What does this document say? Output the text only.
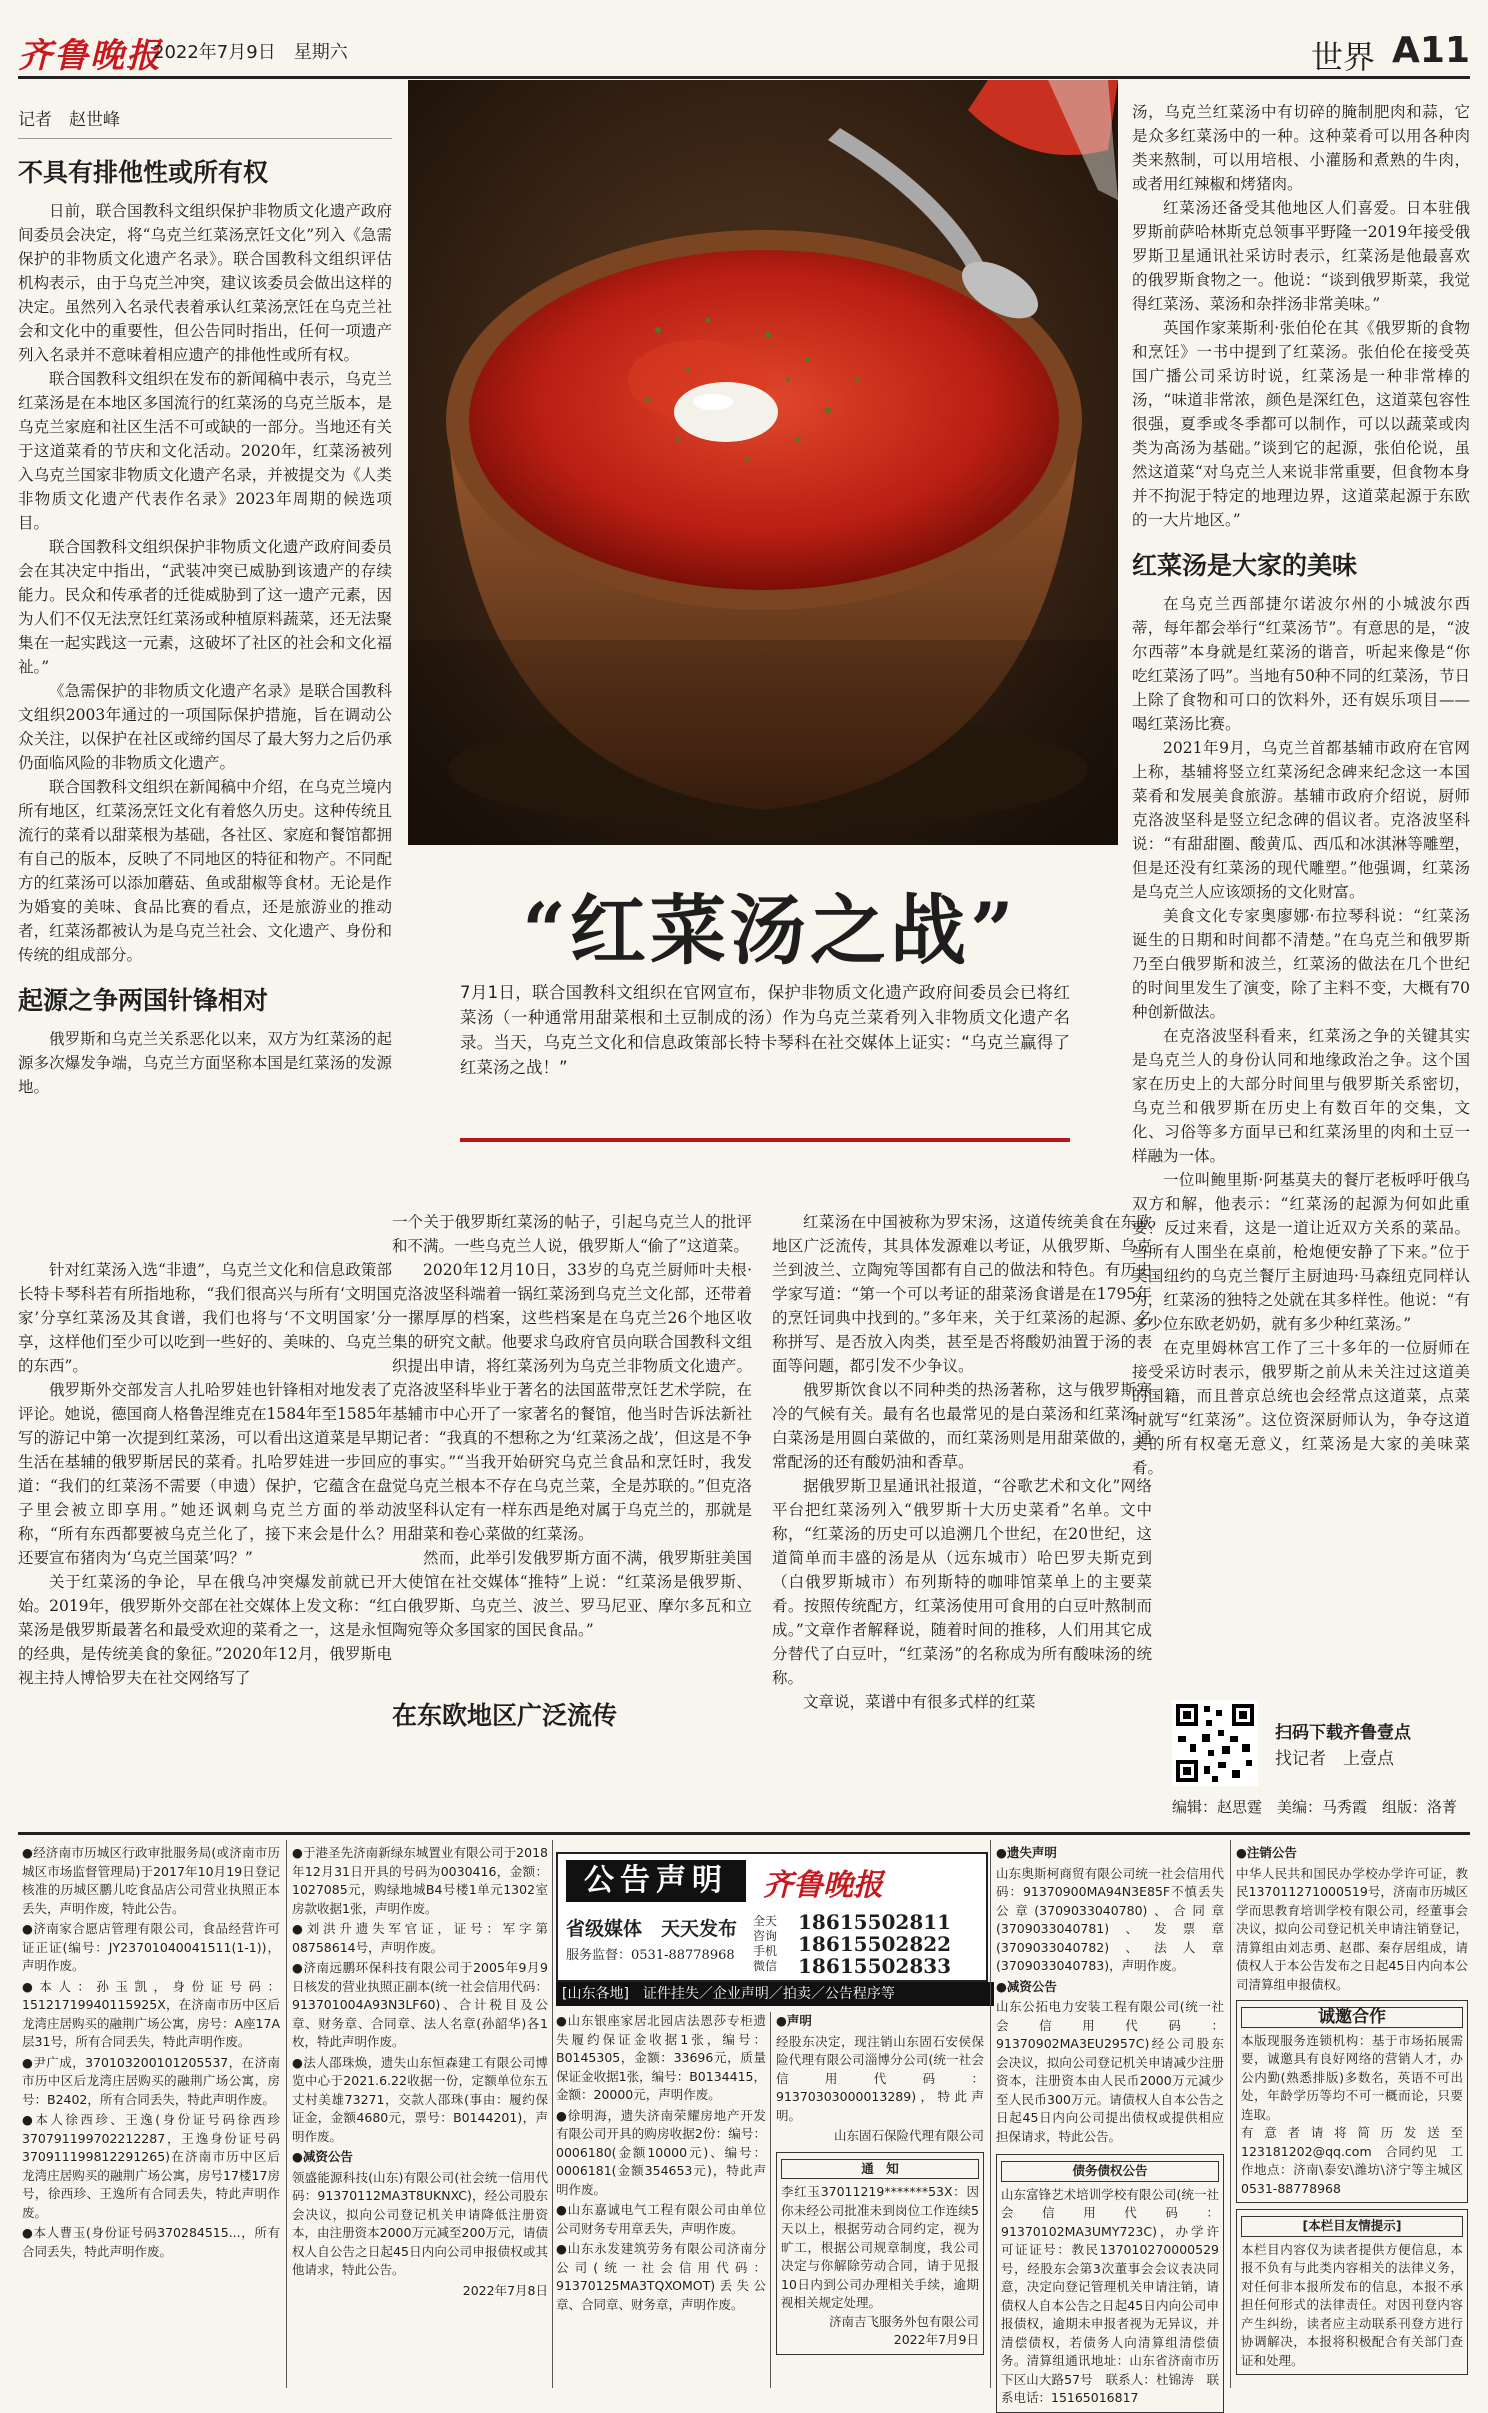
齐鲁晚报
2022年7月9日　星期六	世界 A11
记者　赵世峰
不具有排他性或所有权

日前，联合国教科文组织保护非物质文化遗产政府间委员会决定，将“乌克兰红菜汤烹饪文化”列入《急需保护的非物质文化遗产名录》。联合国教科文组织评估机构表示，由于乌克兰冲突，建议该委员会做出这样的决定。虽然列入名录代表着承认红菜汤烹饪在乌克兰社会和文化中的重要性，但公告同时指出，任何一项遗产列入名录并不意味着相应遗产的排他性或所有权。

联合国教科文组织在发布的新闻稿中表示，乌克兰红菜汤是在本地区多国流行的红菜汤的乌克兰版本，是乌克兰家庭和社区生活不可或缺的一部分。当地还有关于这道菜肴的节庆和文化活动。2020年，红菜汤被列入乌克兰国家非物质文化遗产名录，并被提交为《人类非物质文化遗产代表作名录》2023年周期的候选项目。

联合国教科文组织保护非物质文化遗产政府间委员会在其决定中指出，“武装冲突已威胁到该遗产的存续能力。民众和传承者的迁徙威胁到了这一遗产元素，因为人们不仅无法烹饪红菜汤或种植原料蔬菜，还无法聚集在一起实践这一元素，这破坏了社区的社会和文化福祉。”

《急需保护的非物质文化遗产名录》是联合国教科文组织2003年通过的一项国际保护措施，旨在调动公众关注，以保护在社区或缔约国尽了最大努力之后仍承仍面临风险的非物质文化遗产。

联合国教科文组织在新闻稿中介绍，在乌克兰境内所有地区，红菜汤烹饪文化有着悠久历史。这种传统且流行的菜肴以甜菜根为基础，各社区、家庭和餐馆都拥有自己的版本，反映了不同地区的特征和物产。不同配方的红菜汤可以添加蘑菇、鱼或甜椒等食材。无论是作为婚宴的美味、食品比赛的看点，还是旅游业的推动者，红菜汤都被认为是乌克兰社会、文化遗产、身份和传统的组成部分。

起源之争两国针锋相对

俄罗斯和乌克兰关系恶化以来，双方为红菜汤的起源多次爆发争端，乌克兰方面坚称本国是红菜汤的发源地。

针对红菜汤入选“非遗”，乌克兰文化和信息政策部长特卡琴科若有所指地称，“我们很高兴与所有‘文明国家’分享红菜汤及其食谱，我们也将与‘不文明国家’分享，这样他们至少可以吃到一些好的、美味的、乌克兰的东西”。

俄罗斯外交部发言人扎哈罗娃也针锋相对地发表了评论。她说，德国商人格鲁涅维克在1584年至1585年写的游记中第一次提到红菜汤，可以看出这道菜是早期生活在基辅的俄罗斯居民的菜肴。扎哈罗娃进一步回应道：“我们的红菜汤不需要（申遗）保护，它蕴含在盘子里会被立即享用。”她还讽刺乌克兰方面的举动称，“所有东西都要被乌克兰化了，接下来会是什么？还要宣布猪肉为‘乌克兰国菜’吗？”

关于红菜汤的争论，早在俄乌冲突爆发前就已开始。2019年，俄罗斯外交部在社交媒体上发文称：“红菜汤是俄罗斯最著名和最受欢迎的菜肴之一，这是永恒的经典，是传统美食的象征。”2020年12月，俄罗斯电视主持人博恰罗夫在社交网络写了

“红菜汤之战”
7月1日，联合国教科文组织在官网宣布，保护非物质文化遗产政府间委员会已将红菜汤（一种通常用甜菜根和土豆制成的汤）作为乌克兰菜肴列入非物质文化遗产名录。当天，乌克兰文化和信息政策部长特卡琴科在社交媒体上证实：“乌克兰赢得了红菜汤之战！”

一个关于俄罗斯红菜汤的帖子，引起乌克兰人的批评和不满。一些乌克兰人说，俄罗斯人“偷了”这道菜。

2020年12月10日，33岁的乌克兰厨师叶夫根·克洛波坚科端着一锅红菜汤到乌克兰文化部，还带着一摞厚厚的档案，这些档案是在乌克兰26个地区收集的研究文献。他要求乌政府官员向联合国教科文组织提出申请，将红菜汤列为乌克兰非物质文化遗产。克洛波坚科毕业于著名的法国蓝带烹饪艺术学院，在基辅市中心开了一家著名的餐馆，他当时告诉法新社记者：“我真的不想称之为‘红菜汤之战’，但这是不争的事实。”“当我开始研究乌克兰食品和烹饪时，我发觉乌克兰根本不存在乌克兰菜，全是苏联的。”但克洛波坚科认定有一样东西是绝对属于乌克兰的，那就是用甜菜和卷心菜做的红菜汤。

然而，此举引发俄罗斯方面不满，俄罗斯驻美国大使馆在社交媒体“推特”上说：“红菜汤是俄罗斯、白俄罗斯、乌克兰、波兰、罗马尼亚、摩尔多瓦和立陶宛等众多国家的国民食品。”

在东欧地区广泛流传

红菜汤在中国被称为罗宋汤，这道传统美食在东欧地区广泛流传，其具体发源难以考证，从俄罗斯、乌克兰到波兰、立陶宛等国都有自己的做法和特色。有历史学家写道：“第一个可以考证的甜菜汤食谱是在1795年的烹饪词典中找到的。”多年来，关于红菜汤的起源、名称拼写、是否放入肉类，甚至是否将酸奶油置于汤的表面等问题，都引发不少争议。

俄罗斯饮食以不同种类的热汤著称，这与俄罗斯寒冷的气候有关。最有名也最常见的是白菜汤和红菜汤。白菜汤是用圆白菜做的，而红菜汤则是用甜菜做的，通常配汤的还有酸奶油和香草。

据俄罗斯卫星通讯社报道，“谷歌艺术和文化”网络平台把红菜汤列入“俄罗斯十大历史菜肴”名单。文中称，“红菜汤的历史可以追溯几个世纪，在20世纪，这道简单而丰盛的汤是从（远东城市）哈巴罗夫斯克到（白俄罗斯城市）布列斯特的咖啡馆菜单上的主要菜肴。按照传统配方，红菜汤使用可食用的白豆叶熬制而成。”文章作者解释说，随着时间的推移，人们用其它成分替代了白豆叶，“红菜汤”的名称成为所有酸味汤的统称。

文章说，菜谱中有很多式样的红菜

汤，乌克兰红菜汤中有切碎的腌制肥肉和蒜，它是众多红菜汤中的一种。这种菜肴可以用各种肉类来熬制，可以用培根、小灌肠和煮熟的牛肉，或者用红辣椒和烤猪肉。

红菜汤还备受其他地区人们喜爱。日本驻俄罗斯前萨哈林斯克总领事平野隆一2019年接受俄罗斯卫星通讯社采访时表示，红菜汤是他最喜欢的俄罗斯食物之一。他说：“谈到俄罗斯菜，我觉得红菜汤、菜汤和杂拌汤非常美味。”

英国作家莱斯利·张伯伦在其《俄罗斯的食物和烹饪》一书中提到了红菜汤。张伯伦在接受英国广播公司采访时说，红菜汤是一种非常棒的汤，“味道非常浓，颜色是深红色，这道菜包容性很强，夏季或冬季都可以制作，可以以蔬菜或肉类为高汤为基础。”谈到它的起源，张伯伦说，虽然这道菜“对乌克兰人来说非常重要，但食物本身并不拘泥于特定的地理边界，这道菜起源于东欧的一大片地区。”

红菜汤是大家的美味

在乌克兰西部捷尔诺波尔州的小城波尔西蒂，每年都会举行“红菜汤节”。有意思的是，“波尔西蒂”本身就是红菜汤的谐音，听起来像是“你吃红菜汤了吗”。当地有50种不同的红菜汤，节日上除了食物和可口的饮料外，还有娱乐项目——喝红菜汤比赛。

2021年9月，乌克兰首都基辅市政府在官网上称，基辅将竖立红菜汤纪念碑来纪念这一本国菜肴和发展美食旅游。基辅市政府介绍说，厨师克洛波坚科是竖立纪念碑的倡议者。克洛波坚科说：“有甜甜圈、酸黄瓜、西瓜和冰淇淋等雕塑，但是还没有红菜汤的现代雕塑。”他强调，红菜汤是乌克兰人应该颂扬的文化财富。

美食文化专家奥廖娜·布拉琴科说：“红菜汤诞生的日期和时间都不清楚。”在乌克兰和俄罗斯乃至白俄罗斯和波兰，红菜汤的做法在几个世纪的时间里发生了演变，除了主料不变，大概有70种创新做法。

在克洛波坚科看来，红菜汤之争的关键其实是乌克兰人的身份认同和地缘政治之争。这个国家在历史上的大部分时间里与俄罗斯关系密切，乌克兰和俄罗斯在历史上有数百年的交集，文化、习俗等多方面早已和红菜汤里的肉和土豆一样融为一体。

一位叫鲍里斯·阿基莫夫的餐厅老板呼吁俄乌双方和解，他表示：“红菜汤的起源为何如此重要？反过来看，这是一道让近双方关系的菜品。当所有人围坐在桌前，枪炮便安静了下来。”位于美国纽约的乌克兰餐厅主厨迪玛·马森纽克同样认为，红菜汤的独特之处就在其多样性。他说：“有多少位东欧老奶奶，就有多少种红菜汤。”

在克里姆林宫工作了三十多年的一位厨师在接受采访时表示，俄罗斯之前从未关注过这道美的国籍，而且普京总统也会经常点这道菜，点菜时就写“红菜汤”。这位资深厨师认为，争夺这道美的所有权毫无意义，红菜汤是大家的美味菜肴。

扫码下载齐鲁壹点
找记者　上壹点
编辑：赵思霆　美编：马秀霞　组版：洛菁
●经济南市历城区行政审批服务局(或济南市历城区市场监督管理局)于2017年10月19日登记核准的历城区鹏儿吃食品店公司营业执照正本丢失，声明作废，特此公告。
●济南家合愿店管理有限公司，食品经营许可证正证(编号：JY23701040041511(1-1))，声明作废。
●本人：孙玉凯，身份证号码：15121719940115925X，在济南市历中区后龙湾庄居购买的融荆广场公寓，房号：A座17A层31号，所有合同丢失，特此声明作废。
●尹广成，370103200101205537，在济南市历中区后龙湾庄居购买的融荆广场公寓，房号：B2402，所有合同丢失，特此声明作废。
●本人徐西珍、王逸(身份证号码徐西珍370791199702212287，王逸身份证号码370911199812291265)在济南市历中区后龙湾庄居购买的融荆广场公寓，房号17楼17房号，徐西珍、王逸所有合同丢失，特此声明作废。
●本人曹玉(身份证号码370284515...，所有合同丢失，特此声明作废。
●于港圣先济南新绿东城置业有限公司于2018年12月31日开具的号码为0030416，金额：1027085元，购绿地城B4号楼1单元1302室房款收据1张，声明作废。
●刘洪升遗失军官证，证号：军字第08758614号，声明作废。
●济南远鹏环保科技有限公司于2005年9月9日核发的营业执照正副本(统一社会信用代码：913701004A93N3LF60)、合计税目及公章、财务章、合同章、法人名章(孙韶华)各1枚，特此声明作废。
●法人邵珠焕，遗失山东恒森建工有限公司博览中心于2021.6.22收据一份，定额单位东五丈村美雄73271，交款人邵珠(事由：履约保证金，金额4680元，票号：B0144201)，声明作废。
●减资公告
领盛能源科技(山东)有限公司(社会统一信用代码：91370112MA3T8UKNXC)，经公司股东会决议，拟向公司登记机关申请降低注册资本，由注册资本2000万元减至200万元，请债权人自公告之日起45日内向公司申报债权或其他请求，特此公告。
2022年7月8日
公告声明	齐鲁晚报
省级媒体　天天发布
服务监督：0531-88778968
全天咨询手机微信
18615502811
18615502822
18615502833
[山东各地]　证件挂失／企业声明／拍卖／公告程序等
●山东银座家居北园店法恩莎专柜遗失履约保证金收据1张，编号：B0145305，金额：33696元，质量保证金收据1张，编号：B0134415，金额：20000元，声明作废。
●徐明海，遗失济南荣耀房地产开发有限公司开具的购房收据2份：编号：0006180(金额10000元)、编号：0006181(金额354653元)，特此声明作废。
●山东嘉诚电气工程有限公司由单位公司财务专用章丢失，声明作废。
●山东永发建筑劳务有限公司济南分公司(统一社会信用代码：91370125MA3TQXOMOT)丢失公章、合同章、财务章，声明作废。
●声明
经股东决定，现注销山东固石安侯保险代理有限公司淄博分公司(统一社会信用代码：91370303000013289)，特此声明。
山东固石保险代理有限公司
通　知
李红玉37011219*******53X：因你未经公司批准未到岗位工作连续5天以上，根据劳动合同约定，视为旷工，根据公司规章制度，我公司决定与你解除劳动合同，请于见报10日内到公司办理相关手续，逾期视相关规定处理。
济南吉飞服务外包有限公司
2022年7月9日
●遗失声明
山东奥斯柯商贸有限公司统一社会信用代码：91370900MA94N3E85F不慎丢失公章(3709033040780)、合同章(3709033040781)、发票章(3709033040782)、法人章(3709033040783)，声明作废。
●减资公告
山东公拓电力安装工程有限公司(统一社会信用代码：91370902MA3EU2957C)经公司股东会决议，拟向公司登记机关申请减少注册资本，注册资本由人民币2000万元减少至人民币300万元。请债权人自本公告之日起45日内向公司提出债权或提供相应担保请求，特此公告。
债务债权公告
山东富锋艺术培训学校有限公司(统一社会信用代码：91370102MA3UMY723C)，办学许可证证号：教民137010270000529号，经股东会第3次董事会会议表决同意，决定向登记管理机关申请注销，请债权人自本公告之日起45日内向公司申报债权，逾期未申报者视为无异议，并清偿债权，若债务人向清算组清偿债务。清算组通讯地址：山东省济南市历下区山大路57号　联系人：杜锦涛　联系电话：15165016817
●注销公告
中华人民共和国民办学校办学许可证，教民137011271000519号，济南市历城区学而思教育培训学校有限公司，经董事会决议，拟向公司登记机关申请注销登记，清算组由刘志勇、赵郡、秦存居组成，请债权人于本公告发布之日起45日内向本公司清算组申报债权。
诚邀合作
本版现服务连锁机构：基于市场拓展需要，诚邀具有良好网络的营销人才，办公内勤(熟悉排版)多数名，英语不可出处，年龄学历等均不可一概而论，只要连取。
有意者请将简历发送至123181202@qq.com　合同约见　工作地点：济南\泰安\潍坊\济宁等主城区0531-88778968
[本栏目友情提示]
本栏目内容仅为读者提供方便信息，本报不负有与此类内容相关的法律义务，对任何非本报所发布的信息，本报不承担任何形式的法律责任。对因刊登内容产生纠纷，读者应主动联系刊登方进行协调解决，本报将积极配合有关部门查证和处理。
